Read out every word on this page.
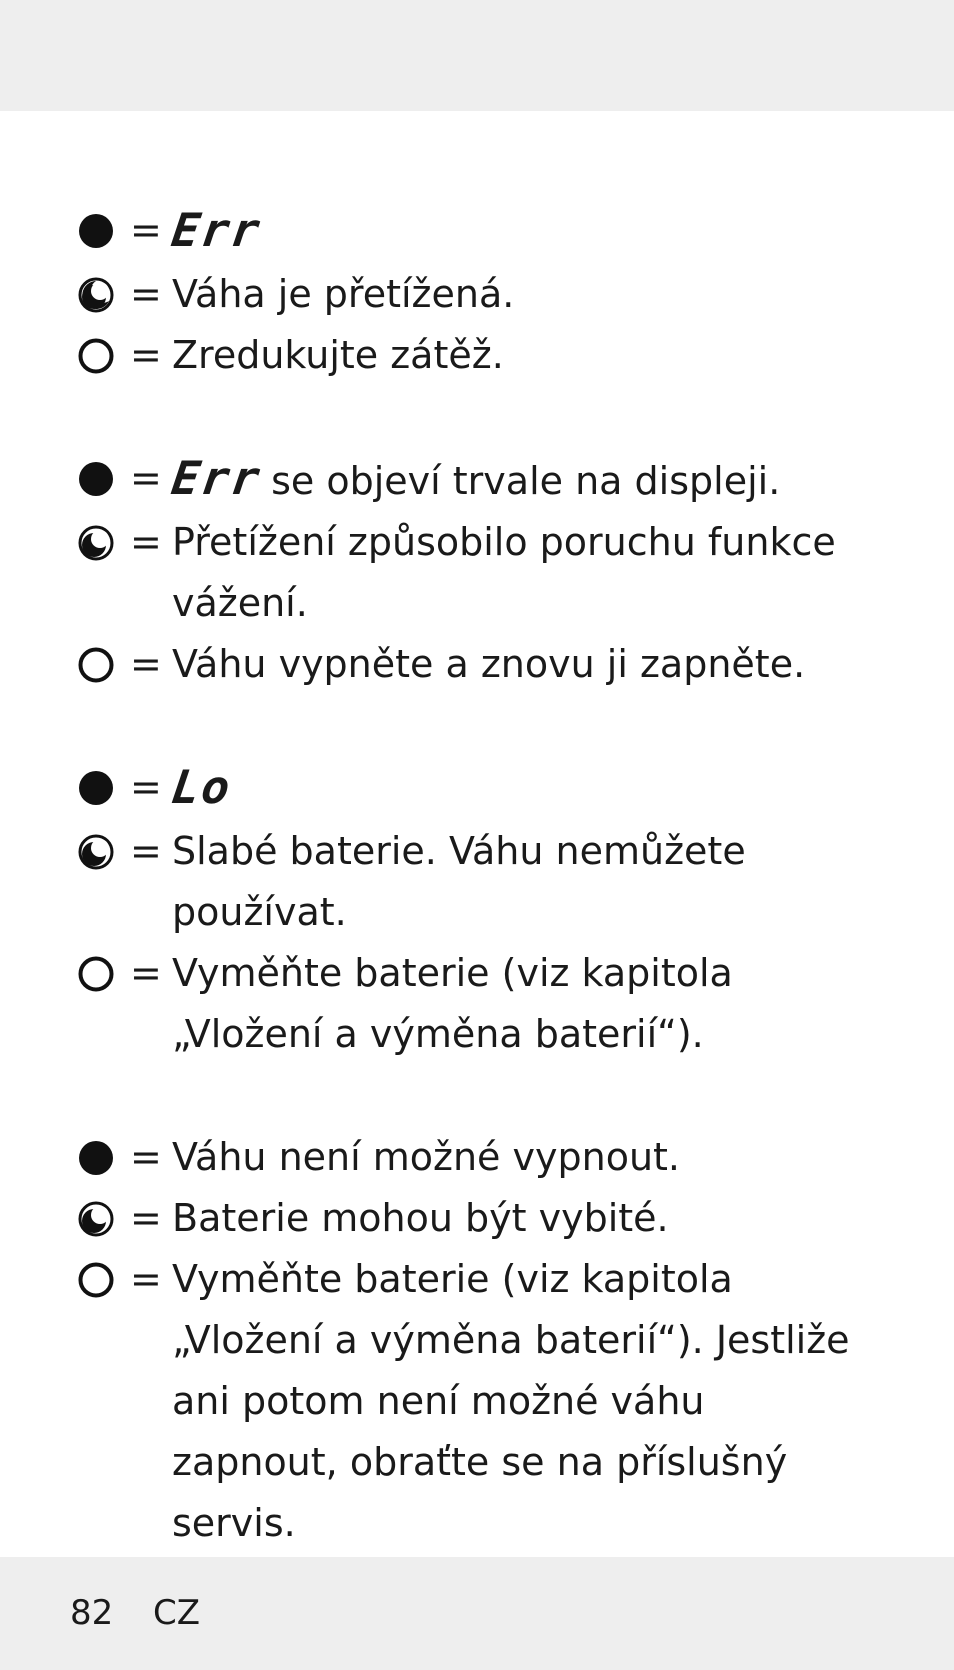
= Err
= Váha je přetížená.
= Zredukujte zátěž.
= Err se objeví trvale na displeji.
= Přetížení způsobilo poruchu funkce vážení.
= Váhu vypněte a znovu ji zapněte.
= Lo
= Slabé baterie. Váhu nemůžete používat.
= Vyměňte baterie (viz kapitola „Vložení a výměna baterií“).
= Váhu není možné vypnout.
= Baterie mohou být vybité.
= Vyměňte baterie (viz kapitola „Vložení a výměna baterií“). Jestliže ani potom není možné váhu zapnout, obraťte se na příslušný servis.
82 CZ
